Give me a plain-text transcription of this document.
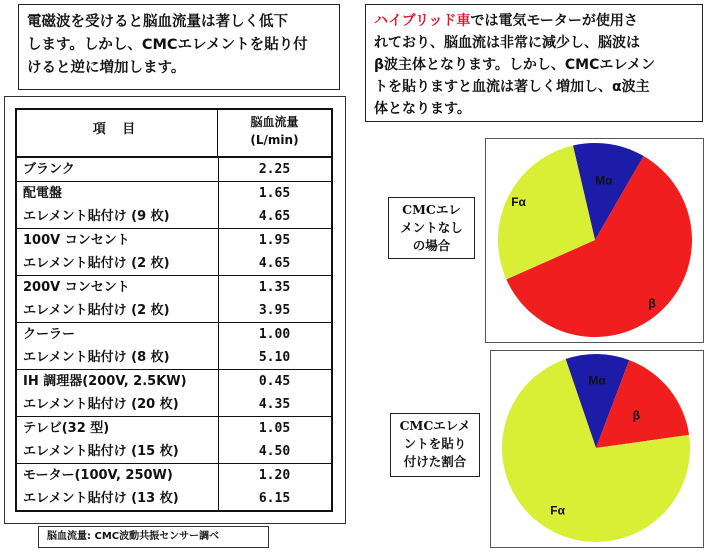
電磁波を受けると脳血流量は著しく低下
します。しかし、CMCエレメントを貼り付
けると逆に増加します。
ハイブリッド車では電気モーターが使用さ
れており、脳血流は非常に減少し、脳波は
β波主体となります。しかし、CMCエレメン
トを貼りますと血流は著しく増加し、α波主
体となります。
項 目	脳血流量
(L/min)
ブランク	2.25
配電盤	1.65
エレメント貼付け (9 枚)	4.65
100V コンセント	1.95
エレメント貼付け (2 枚)	4.65
200V コンセント	1.35
エレメント貼付け (2 枚)	3.95
クーラー	1.00
エレメント貼付け (8 枚)	5.10
IH 調理器(200V, 2.5KW)	0.45
エレメント貼付け (20 枚)	4.35
テレビ(32 型)	1.05
エレメント貼付け (15 枚)	4.50
モーター(100V, 250W)	1.20
エレメント貼付け (13 枚)	6.15
脳血流量: CMC波動共振センサー調べ
Mα
β
Fα
Mα
β
Fα
CMCエレ
メントなし
の場合
CMCエレメ
ントを貼り
付けた割合
